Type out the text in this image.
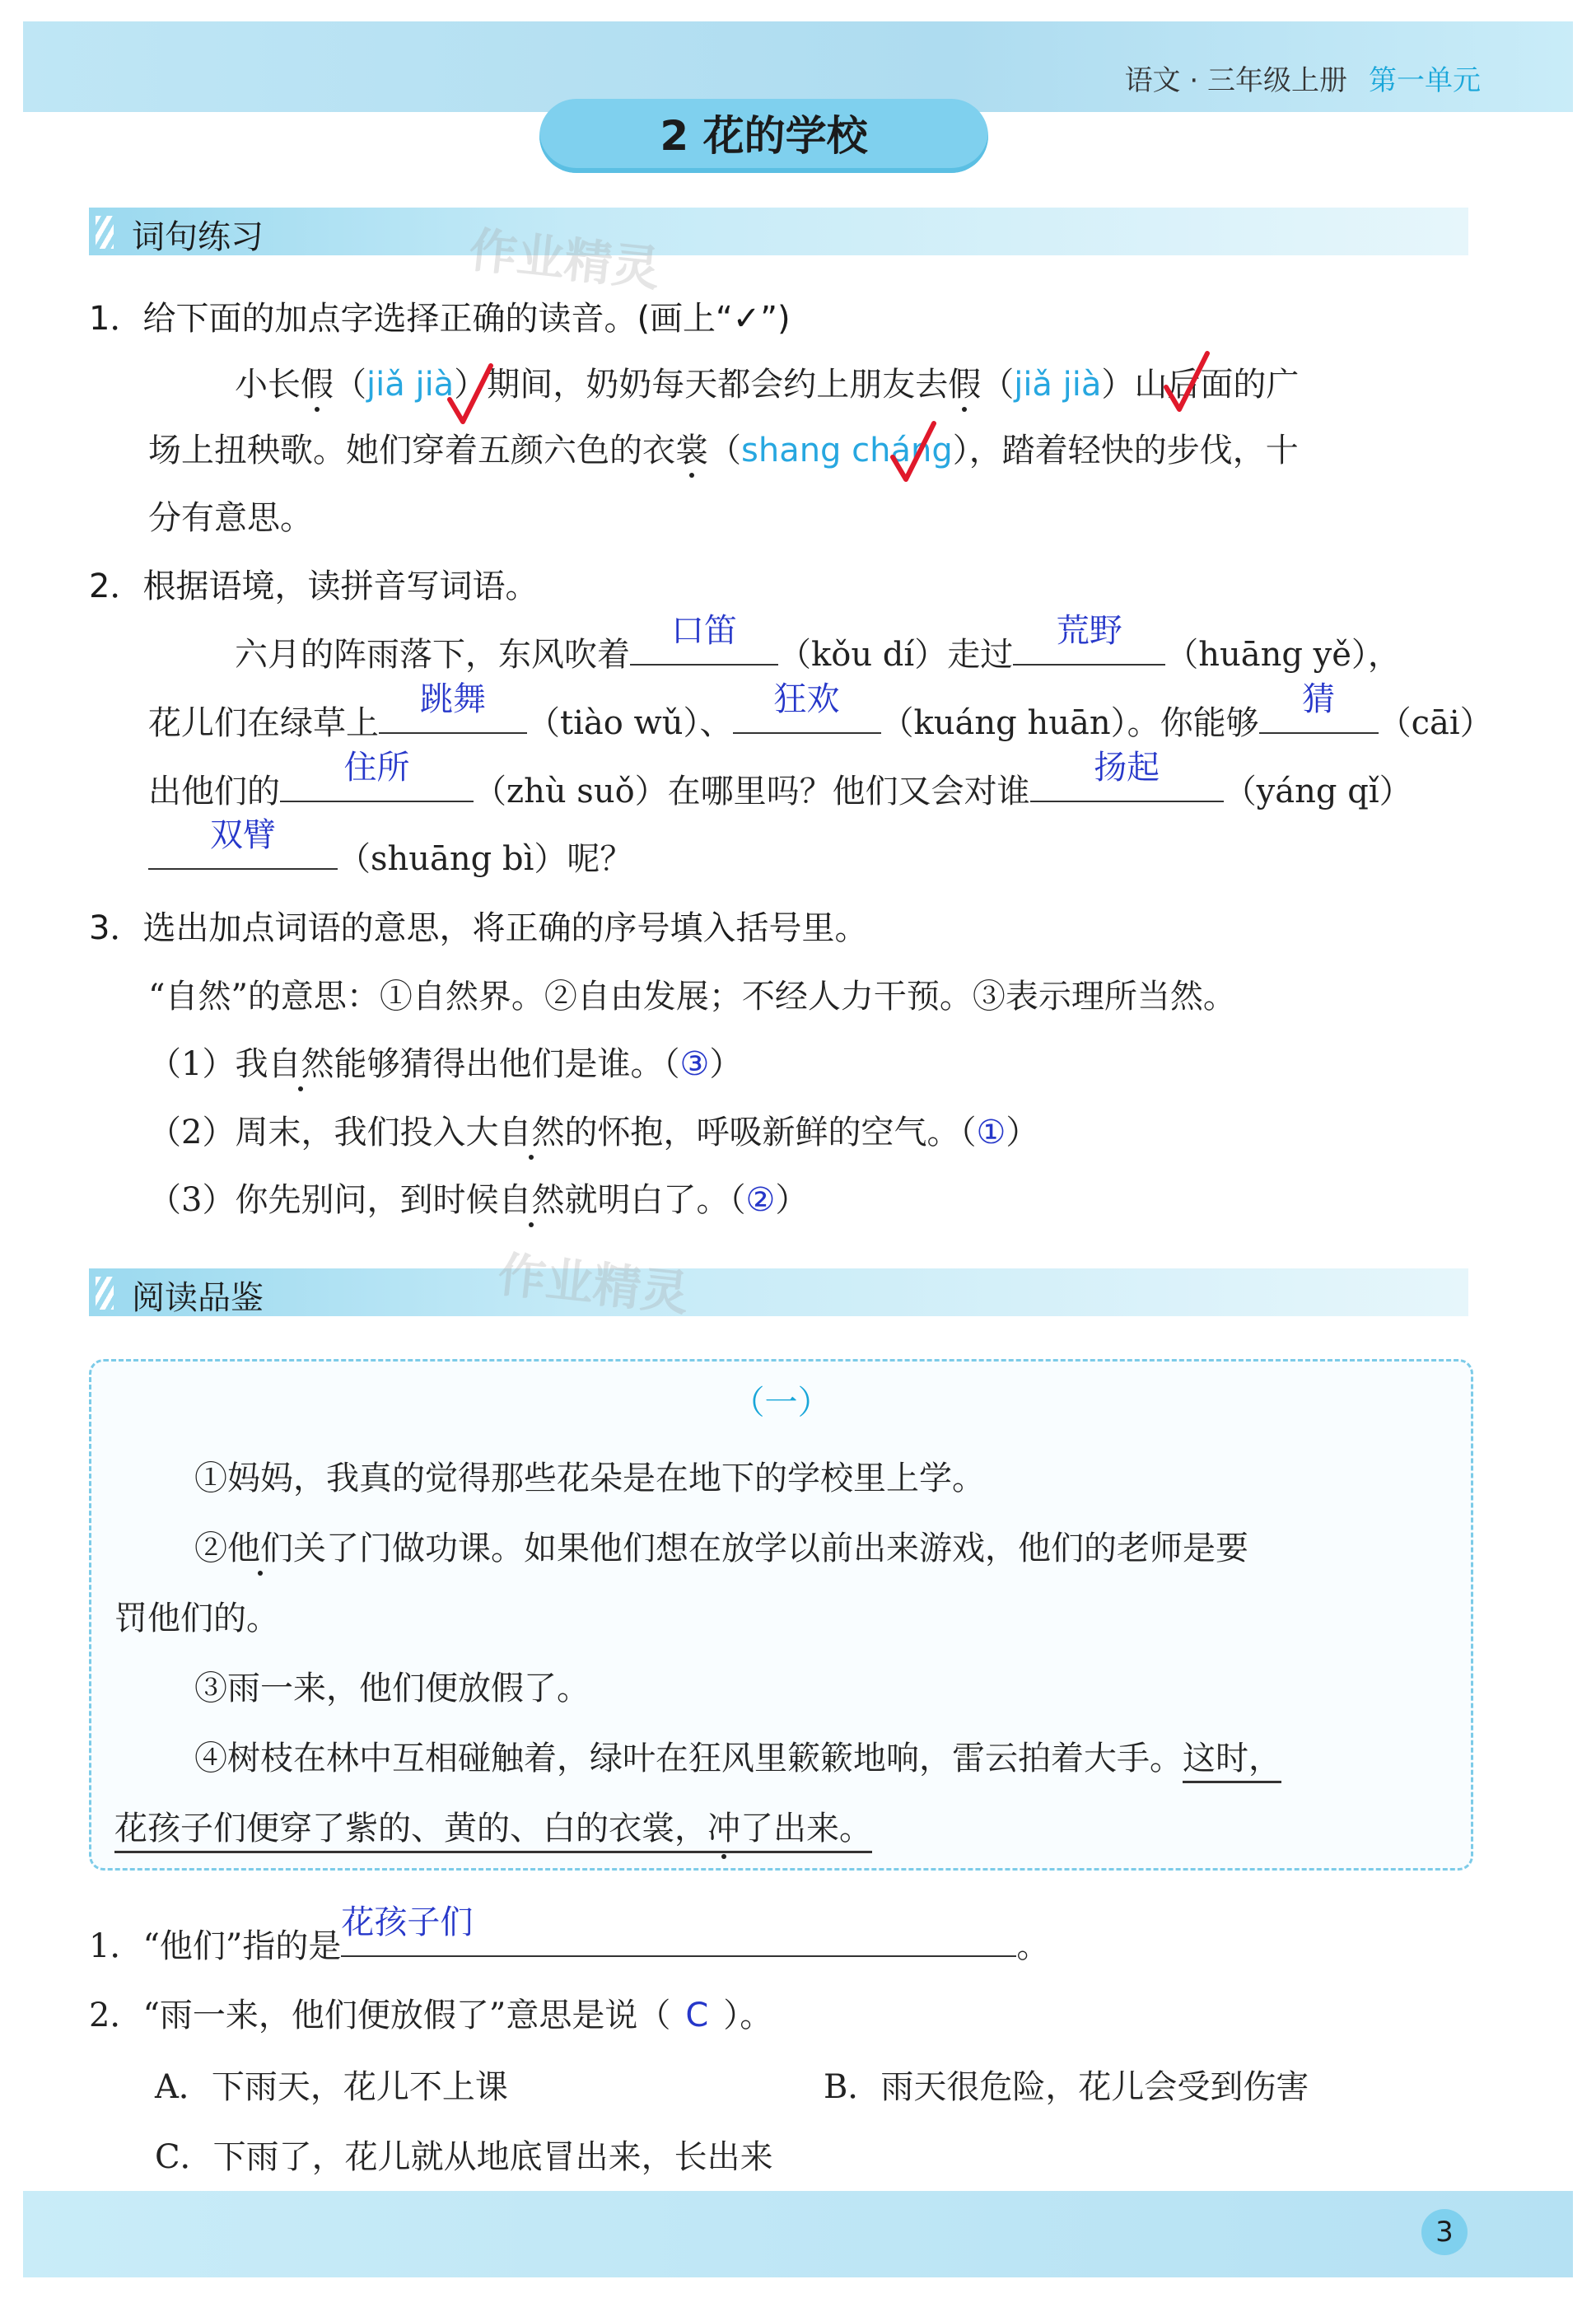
语文 · 三年级上册 第一单元
2 花的学校
词句练习	作业精灵
1．给下面的加点字选择正确的读音。(画上“✓”)
小长假（jiǎ jià）期间，奶奶每天都会约上朋友去假（jiǎ jià）山后面的广
场上扭秧歌。她们穿着五颜六色的衣裳（shang cháng），踏着轻快的步伐，十
分有意思。
2．根据语境，读拼音写词语。
六月的阵雨落下，东风吹着
口笛
（kǒu dí）走过
荒野
（huāng yě），
花儿们在绿草上
跳舞
（tiào wǔ）、
狂欢
（kuáng huān）。你能够
猜
（cāi）
出他们的
住所
（zhù suǒ）在哪里吗？他们又会对谁
扬起
（yáng qǐ）
双臂
（shuāng bì）呢？
3．选出加点词语的意思，将正确的序号填入括号里。
“自然”的意思：①自然界。②自由发展；不经人力干预。③表示理所当然。
（1）我自然能够猜得出他们是谁。（③）
（2）周末，我们投入大自然的怀抱，呼吸新鲜的空气。（①）
（3）你先别问，到时候自然就明白了。（②）
阅读品鉴	作业精灵
（一）
①妈妈，我真的觉得那些花朵是在地下的学校里上学。
②他们关了门做功课。如果他们想在放学以前出来游戏，他们的老师是要
罚他们的。
③雨一来，他们便放假了。
④树枝在林中互相碰触着，绿叶在狂风里簌簌地响，雷云拍着大手。这时，
花孩子们便穿了紫的、黄的、白的衣裳，冲了出来。
1．“他们”指的是
花孩子们
。
2．“雨一来，他们便放假了”意思是说（ C ）。
A．下雨天，花儿不上课	B．雨天很危险，花儿会受到伤害
C．下雨了，花儿就从地底冒出来，长出来
3
